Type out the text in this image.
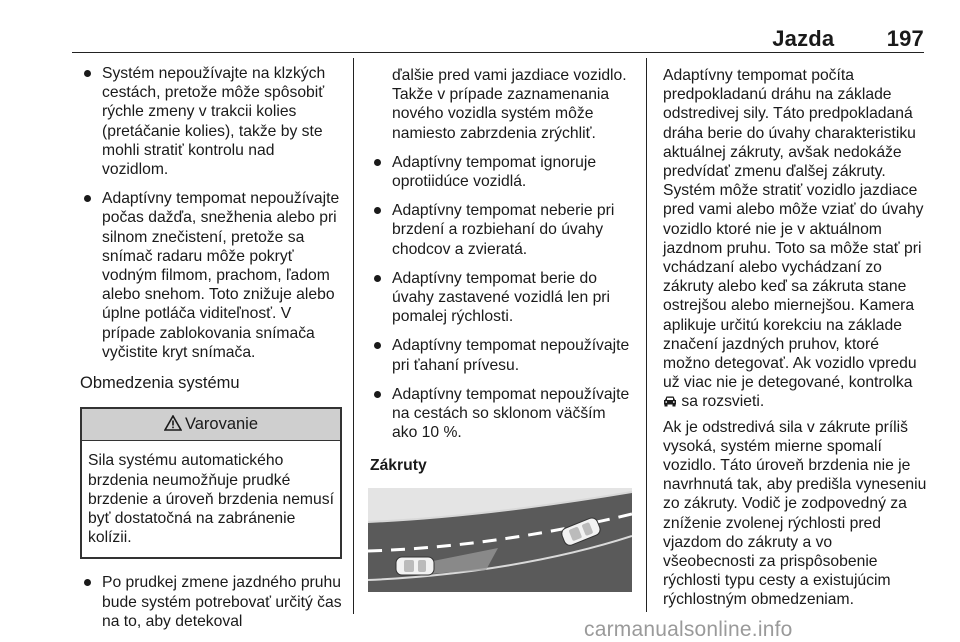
Jazda 197
Systém nepoužívajte na klzkých cestách, pretože môže spôsobiť rýchle zmeny v trakcii kolies (pretáčanie kolies), takže by ste mohli stratiť kontrolu nad vozidlom.
Adaptívny tempomat nepoužívajte počas dažďa, snežhenia alebo pri silnom znečistení, pretože sa snímač radaru môže pokryť vodným filmom, prachom, ľadom alebo snehom. Toto znižuje alebo úplne potláča viditeľnosť. V prípade zablokovania snímača vyčistite kryt snímača.
Obmedzenia systému
Varovanie
Sila systému automatického brzdenia neumožňuje prudké brzdenie a úroveň brzdenia nemusí byť dostatočná na zabránenie kolízii.
Po prudkej zmene jazdného pruhu bude systém potrebovať určitý čas na to, aby detekoval
ďalšie pred vami jazdiace vozidlo. Takže v prípade zaznamenania nového vozidla systém môže namiesto zabrzdenia zrýchliť.
Adaptívny tempomat ignoruje oprotiidúce vozidlá.
Adaptívny tempomat neberie pri brzdení a rozbiehaní do úvahy chodcov a zvieratá.
Adaptívny tempomat berie do úvahy zastavené vozidlá len pri pomalej rýchlosti.
Adaptívny tempomat nepoužívajte pri ťahaní prívesu.
Adaptívny tempomat nepoužívajte na cestách so sklonom väčším ako 10 %.
Zákruty

Adaptívny tempomat počíta predpokladanú dráhu na základe odstredivej sily. Táto predpokladaná dráha berie do úvahy charakteristiku aktuálnej zákruty, avšak nedokáže predvídať zmenu ďalšej zákruty. Systém môže stratiť vozidlo jazdiace pred vami alebo môže vziať do úvahy vozidlo ktoré nie je v aktuálnom jazdnom pruhu. Toto sa môže stať pri vchádzaní alebo vychádzaní zo zákruty alebo keď sa zákruta stane ostrejšou alebo miernejšou. Kamera aplikuje určitú korekciu na základe značení jazdných pruhov, ktoré možno detegovať. Ak vozidlo vpredu už viac nie je detegované, kontrolka
sa rozsvieti.

Ak je odstredivá sila v zákrute príliš vysoká, systém mierne spomalí vozidlo. Táto úroveň brzdenia nie je navrhnutá tak, aby predišla vyneseniu zo zákruty. Vodič je zodpovedný za zníženie zvolenej rýchlosti pred vjazdom do zákruty a vo všeobecnosti za prispôsobenie rýchlosti typu cesty a existujúcim rýchlostným obmedzeniam.

carmanualsonline.info
